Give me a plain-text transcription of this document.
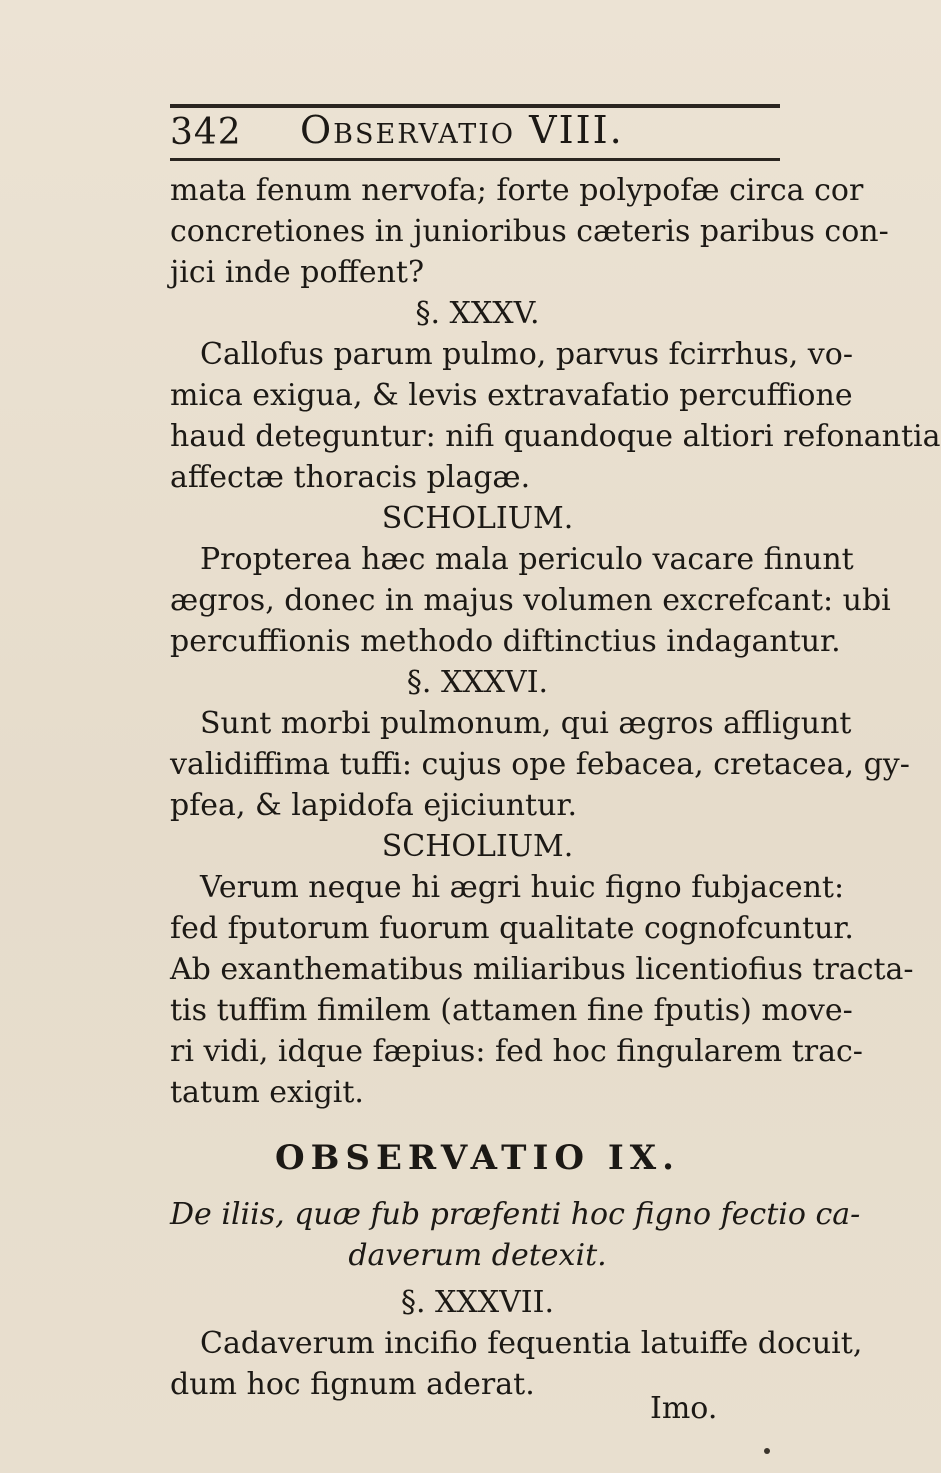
342 Observatio VIII.
mata fenum nervofa; forte polypofæ circa cor
concretiones in junioribus cæteris paribus con-
jici inde poffent?
§. XXXV.
Callofus parum pulmo, parvus fcirrhus, vo-
mica exigua, & levis extravafatio percuffione
haud deteguntur: nifi quandoque altiori refonantia
affectæ thoracis plagæ.
SCHOLIUM.
Propterea hæc mala periculo vacare finunt
ægros, donec in majus volumen excrefcant: ubi
percuffionis methodo diftinctius indagantur.
§. XXXVI.
Sunt morbi pulmonum, qui ægros affligunt
validiffima tuffi: cujus ope febacea, cretacea, gy-
pfea, & lapidofa ejiciuntur.
SCHOLIUM.
Verum neque hi ægri huic figno fubjacent:
fed fputorum fuorum qualitate cognofcuntur.
Ab exanthematibus miliaribus licentiofius tracta-
tis tuffim fimilem (attamen fine fputis) move-
ri vidi, idque fæpius: fed hoc fingularem trac-
tatum exigit.
OBSERVATIO IX.
De iliis, quæ fub præfenti hoc figno fectio ca-
daverum detexit.
§. XXXVII.
Cadaverum incifio fequentia latuiffe docuit,
dum hoc fignum aderat.
Imo.
